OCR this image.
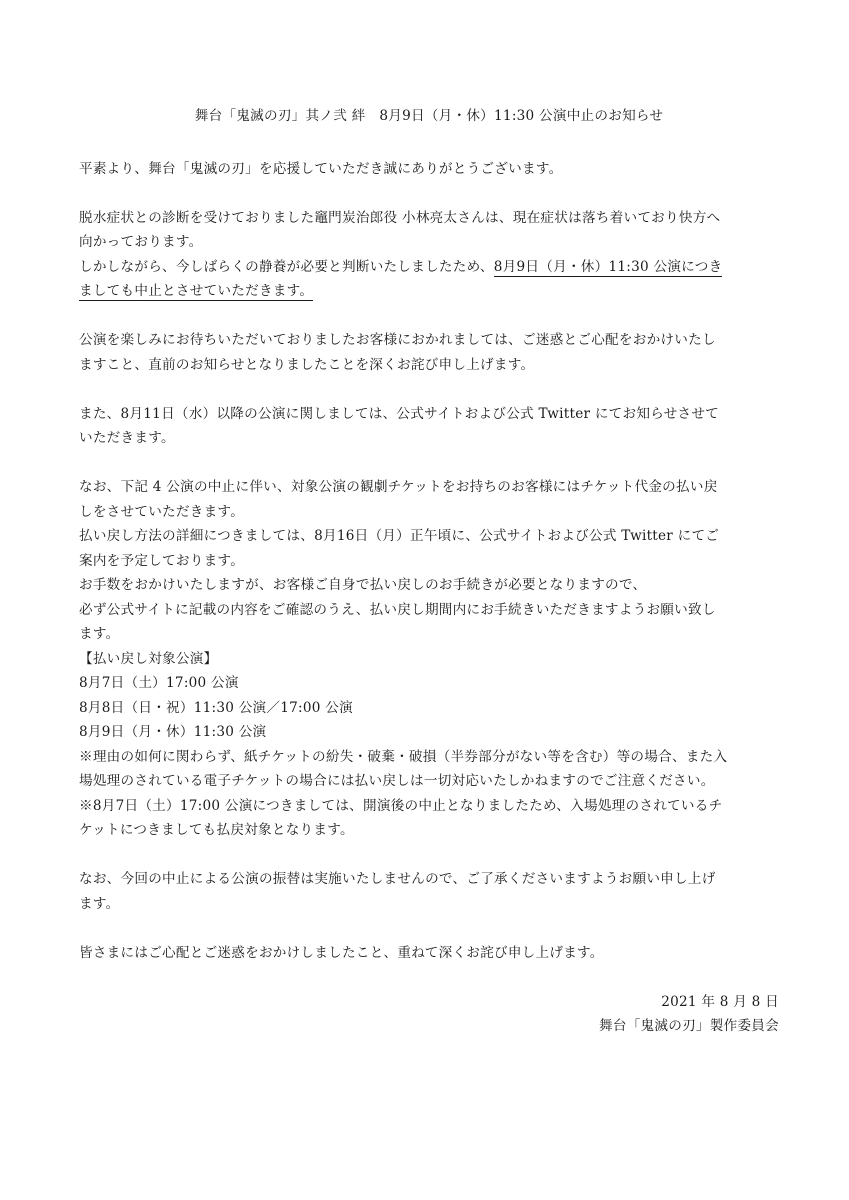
舞台「鬼滅の刃」其ノ弐 絆　8月9日（月・休）11:30 公演中止のお知らせ
平素より、舞台「鬼滅の刃」を応援していただき誠にありがとうございます。
脱水症状との診断を受けておりました竈門炭治郎役 小林亮太さんは、現在症状は落ち着いており快方へ
向かっております。
しかしながら、今しばらくの静養が必要と判断いたしましたため、8月9日（月・休）11:30 公演につき
ましても中止とさせていただきます。
公演を楽しみにお待ちいただいておりましたお客様におかれましては、ご迷惑とご心配をおかけいたし
ますこと、直前のお知らせとなりましたことを深くお詫び申し上げます。
また、8月11日（水）以降の公演に関しましては、公式サイトおよび公式 Twitter にてお知らせさせて
いただきます。
なお、下記 4 公演の中止に伴い、対象公演の観劇チケットをお持ちのお客様にはチケット代金の払い戻
しをさせていただきます。
払い戻し方法の詳細につきましては、8月16日（月）正午頃に、公式サイトおよび公式 Twitter にてご
案内を予定しております。
お手数をおかけいたしますが、お客様ご自身で払い戻しのお手続きが必要となりますので、
必ず公式サイトに記載の内容をご確認のうえ、払い戻し期間内にお手続きいただきますようお願い致し
ます。
【払い戻し対象公演】
8月7日（土）17:00 公演
8月8日（日・祝）11:30 公演／17:00 公演
8月9日（月・休）11:30 公演
※理由の如何に関わらず、紙チケットの紛失・破棄・破損（半券部分がない等を含む）等の場合、また入
場処理のされている電子チケットの場合には払い戻しは一切対応いたしかねますのでご注意ください。
※8月7日（土）17:00 公演につきましては、開演後の中止となりましたため、入場処理のされているチ
ケットにつきましても払戻対象となります。
なお、今回の中止による公演の振替は実施いたしませんので、ご了承くださいますようお願い申し上げ
ます。
皆さまにはご心配とご迷惑をおかけしましたこと、重ねて深くお詫び申し上げます。
2021 年 8 月 8 日
舞台「鬼滅の刃」製作委員会
